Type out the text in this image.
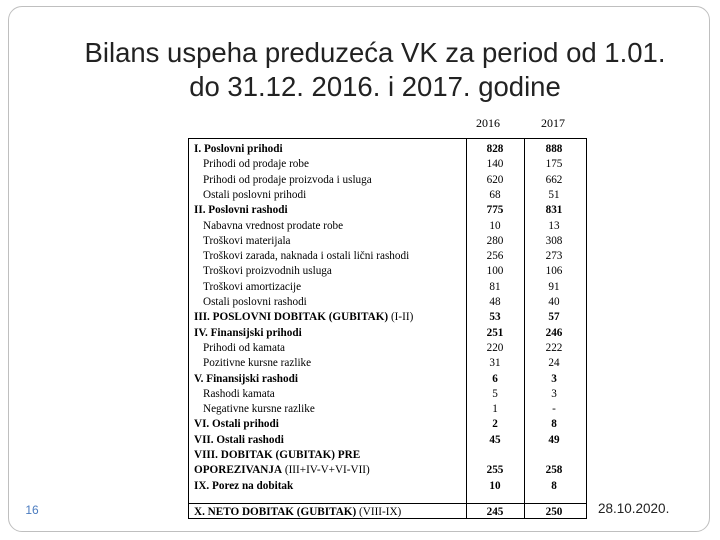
Bilans uspeha preduzeća VK za period od 1.01.
do 31.12. 2016. i 2017. godine
2016	2017
I. Poslovni prihodi	828	888
Prihodi od prodaje robe	140	175
Prihodi od prodaje proizvoda i usluga	620	662
Ostali poslovni prihodi	68	51
II. Poslovni rashodi	775	831
Nabavna vrednost prodate robe	10	13
Troškovi materijala	280	308
Troškovi zarada, naknada i ostali lični rashodi	256	273
Troškovi proizvodnih usluga	100	106
Troškovi amortizacije	81	91
Ostali poslovni rashodi	48	40
III. POSLOVNI DOBITAK (GUBITAK) (I-II)	53	57
IV. Finansijski prihodi	251	246
Prihodi od kamata	220	222
Pozitivne kursne razlike	31	24
V. Finansijski rashodi	6	3
Rashodi kamata	5	3
Negativne kursne razlike	1	-
VI. Ostali prihodi	2	8
VII. Ostali rashodi	45	49
VIII. DOBITAK (GUBITAK) PRE
OPOREZIVANJA (III+IV-V+VI-VII)	255	258
IX. Porez na dobitak	10	8
X. NETO DOBITAK (GUBITAK) (VIII-IX)	245	250
16	28.10.2020.
